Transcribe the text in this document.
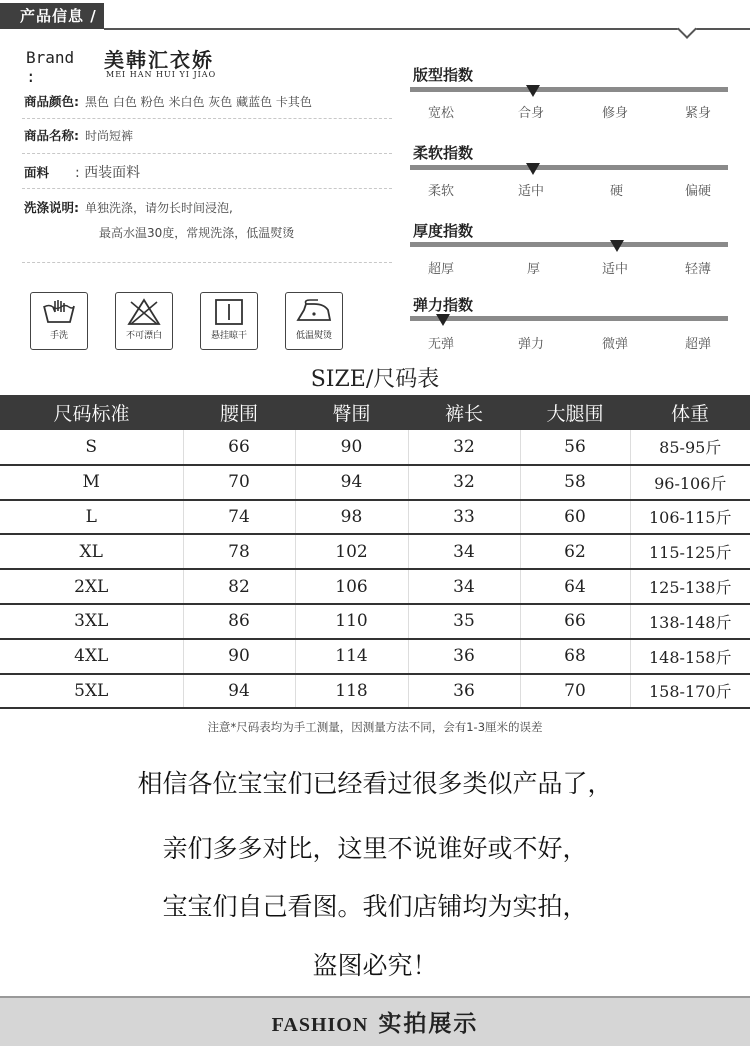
产品信息 /
Brand :
美韩汇衣娇
MEI HAN HUI YI JIAO
商品颜色: 黑色 白色 粉色 米白色 灰色 藏蓝色 卡其色
商品名称: 时尚短裤
面料 : 西装面料
洗涤说明: 单独洗涤，请勿长时间浸泡,
最高水温30度，常规洗涤，低温熨烫
手洗	不可漂白	悬挂晾干	低温熨烫
版型指数
宽松	合身	修身	紧身
柔软指数
柔软	适中	硬	偏硬
厚度指数
超厚	厚	适中	轻薄
弹力指数
无弹	弹力	微弹	超弹
SIZE/尺码表
尺码标准	腰围	臀围	裤长	大腿围	体重
S	66	90	32	56	85-95斤
M	70	94	32	58	96-106斤
L	74	98	33	60	106-115斤
XL	78	102	34	62	115-125斤
2XL	82	106	34	64	125-138斤
3XL	86	110	35	66	138-148斤
4XL	90	114	36	68	148-158斤
5XL	94	118	36	70	158-170斤
注意*尺码表均为手工测量，因测量方法不同，会有1-3厘米的误差
相信各位宝宝们已经看过很多类似产品了，
亲们多多对比，这里不说谁好或不好，
宝宝们自己看图。我们店铺均为实拍，
盗图必究！
FASHION 实拍展示
